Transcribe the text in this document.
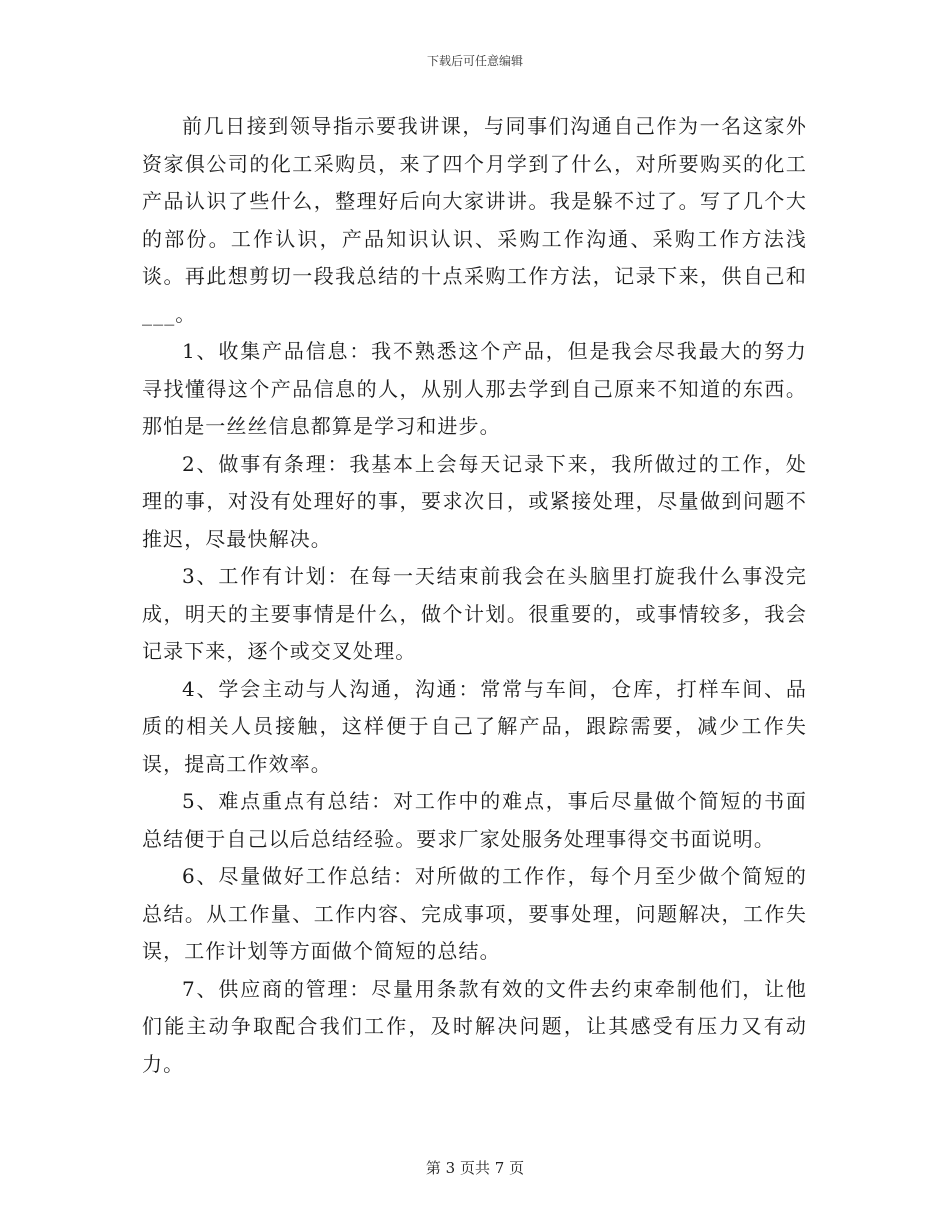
下载后可任意编辑

前几日接到领导指示要我讲课，与同事们沟通自己作为一名这家外资家俱公司的化工采购员，来了四个月学到了什么，对所要购买的化工产品认识了些什么，整理好后向大家讲讲。我是躲不过了。写了几个大的部份。工作认识，产品知识认识、采购工作沟通、采购工作方法浅谈。再此想剪切一段我总结的十点采购工作方法，记录下来，供自己和___。

1、收集产品信息：我不熟悉这个产品，但是我会尽我最大的努力寻找懂得这个产品信息的人，从别人那去学到自己原来不知道的东西。那怕是一丝丝信息都算是学习和进步。

2、做事有条理：我基本上会每天记录下来，我所做过的工作，处理的事，对没有处理好的事，要求次日，或紧接处理，尽量做到问题不推迟，尽最快解决。

3、工作有计划：在每一天结束前我会在头脑里打旋我什么事没完成，明天的主要事情是什么，做个计划。很重要的，或事情较多，我会记录下来，逐个或交叉处理。

4、学会主动与人沟通，沟通：常常与车间，仓库，打样车间、品质的相关人员接触，这样便于自己了解产品，跟踪需要，减少工作失误，提高工作效率。

5、难点重点有总结：对工作中的难点，事后尽量做个简短的书面总结便于自己以后总结经验。要求厂家处服务处理事得交书面说明。

6、尽量做好工作总结：对所做的工作作，每个月至少做个简短的总结。从工作量、工作内容、完成事项，要事处理，问题解决，工作失误，工作计划等方面做个简短的总结。

7、供应商的管理：尽量用条款有效的文件去约束牵制他们，让他们能主动争取配合我们工作，及时解决问题，让其感受有压力又有动力。

第 3 页共 7 页
